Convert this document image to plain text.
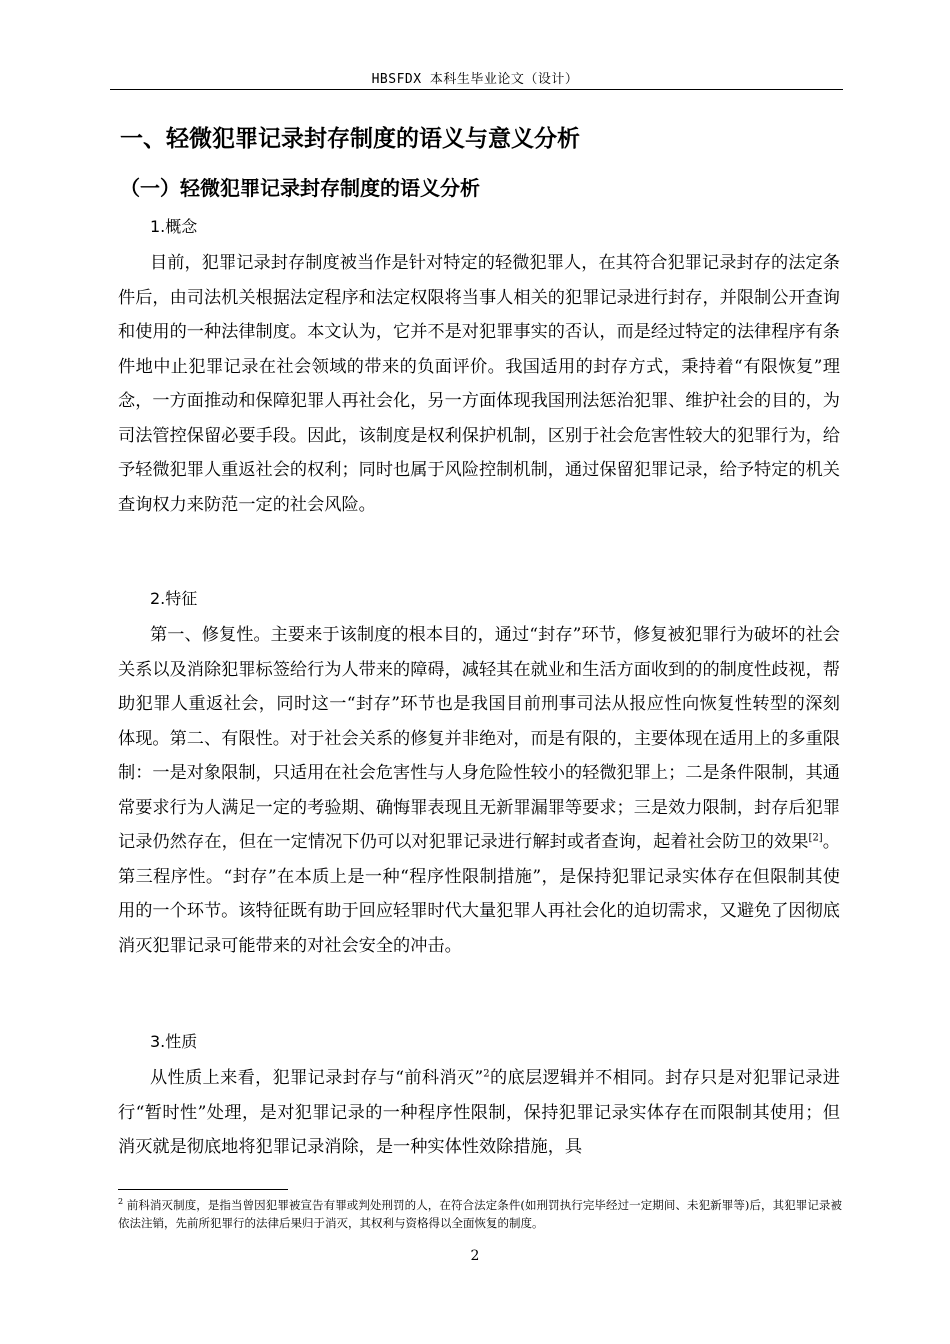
HBSFDX 本科生毕业论文（设计）
一、轻微犯罪记录封存制度的语义与意义分析
（一）轻微犯罪记录封存制度的语义分析
1.概念
目前，犯罪记录封存制度被当作是针对特定的轻微犯罪人，在其符合犯罪记录封存的法定条件后，由司法机关根据法定程序和法定权限将当事人相关的犯罪记录进行封存，并限制公开查询和使用的一种法律制度。本文认为，它并不是对犯罪事实的否认，而是经过特定的法律程序有条件地中止犯罪记录在社会领域的带来的负面评价。我国适用的封存方式，秉持着“有限恢复”理念，一方面推动和保障犯罪人再社会化，另一方面体现我国刑法惩治犯罪、维护社会的目的，为司法管控保留必要手段。因此，该制度是权利保护机制，区别于社会危害性较大的犯罪行为，给予轻微犯罪人重返社会的权利；同时也属于风险控制机制，通过保留犯罪记录，给予特定的机关查询权力来防范一定的社会风险。
2.特征
第一、修复性。主要来于该制度的根本目的，通过“封存”环节，修复被犯罪行为破坏的社会关系以及消除犯罪标签给行为人带来的障碍，减轻其在就业和生活方面收到的的制度性歧视，帮助犯罪人重返社会，同时这一“封存”环节也是我国目前刑事司法从报应性向恢复性转型的深刻体现。第二、有限性。对于社会关系的修复并非绝对，而是有限的，主要体现在适用上的多重限制：一是对象限制，只适用在社会危害性与人身危险性较小的轻微犯罪上；二是条件限制，其通常要求行为人满足一定的考验期、确悔罪表现且无新罪漏罪等要求；三是效力限制，封存后犯罪记录仍然存在，但在一定情况下仍可以对犯罪记录进行解封或者查询，起着社会防卫的效果[2]。第三程序性。“封存”在本质上是一种“程序性限制措施”，是保持犯罪记录实体存在但限制其使用的一个环节。该特征既有助于回应轻罪时代大量犯罪人再社会化的迫切需求，又避免了因彻底消灭犯罪记录可能带来的对社会安全的冲击。
3.性质
从性质上来看，犯罪记录封存与“前科消灭”$^2$的底层逻辑并不相同。封存只是对犯罪记录进行“暂时性”处理，是对犯罪记录的一种程序性限制，保持犯罪记录实体存在而限制其使用；但消灭就是彻底地将犯罪记录消除，是一种实体性效除措施，具
$^2$ 前科消灭制度，是指当曾因犯罪被宣告有罪或判处刑罚的人，在符合法定条件(如刑罚执行完毕经过一定期间、未犯新罪等)后，其犯罪记录被依法注销，先前所犯罪行的法律后果归于消灭，其权利与资格得以全面恢复的制度。
2
